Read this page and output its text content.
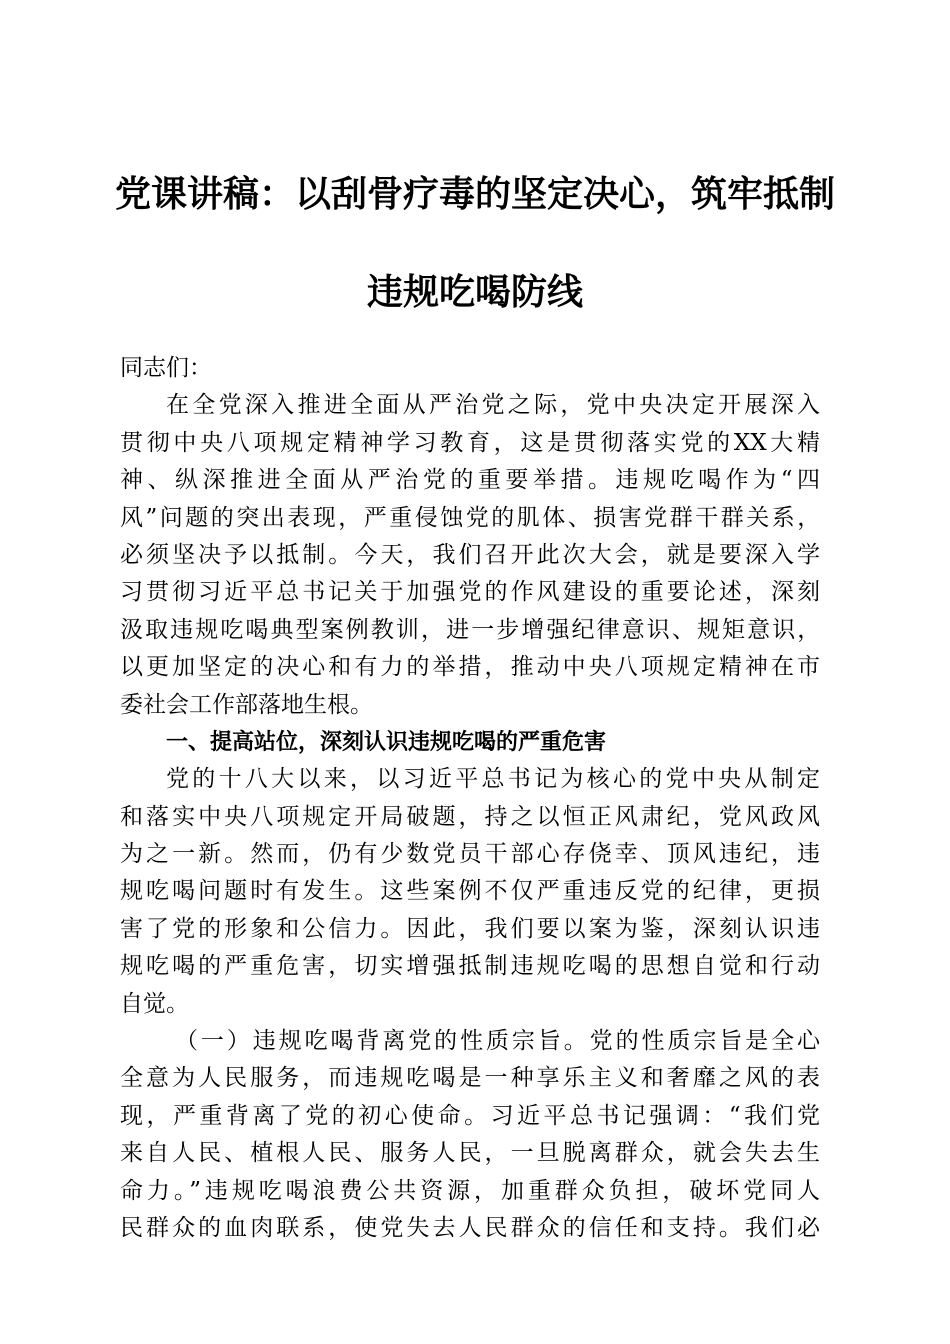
党课讲稿：以刮骨疗毒的坚定决心，筑牢抵制
违规吃喝防线
同志们：
在全党深入推进全面从严治党之际，党中央决定开展深入
贯彻中央八项规定精神学习教育，这是贯彻落实党的XX大精
神、纵深推进全面从严治党的重要举措。违规吃喝作为“四
风”问题的突出表现，严重侵蚀党的肌体、损害党群干群关系，
必须坚决予以抵制。今天，我们召开此次大会，就是要深入学
习贯彻习近平总书记关于加强党的作风建设的重要论述，深刻
汲取违规吃喝典型案例教训，进一步增强纪律意识、规矩意识，
以更加坚定的决心和有力的举措，推动中央八项规定精神在市
委社会工作部落地生根。
一、提高站位，深刻认识违规吃喝的严重危害
党的十八大以来，以习近平总书记为核心的党中央从制定
和落实中央八项规定开局破题，持之以恒正风肃纪，党风政风
为之一新。然而，仍有少数党员干部心存侥幸、顶风违纪，违
规吃喝问题时有发生。这些案例不仅严重违反党的纪律，更损
害了党的形象和公信力。因此，我们要以案为鉴，深刻认识违
规吃喝的严重危害，切实增强抵制违规吃喝的思想自觉和行动
自觉。
（一）违规吃喝背离党的性质宗旨。党的性质宗旨是全心
全意为人民服务，而违规吃喝是一种享乐主义和奢靡之风的表
现，严重背离了党的初心使命。习近平总书记强调：“我们党
来自人民、植根人民、服务人民，一旦脱离群众，就会失去生
命力。”违规吃喝浪费公共资源，加重群众负担，破坏党同人
民群众的血肉联系，使党失去人民群众的信任和支持。我们必
